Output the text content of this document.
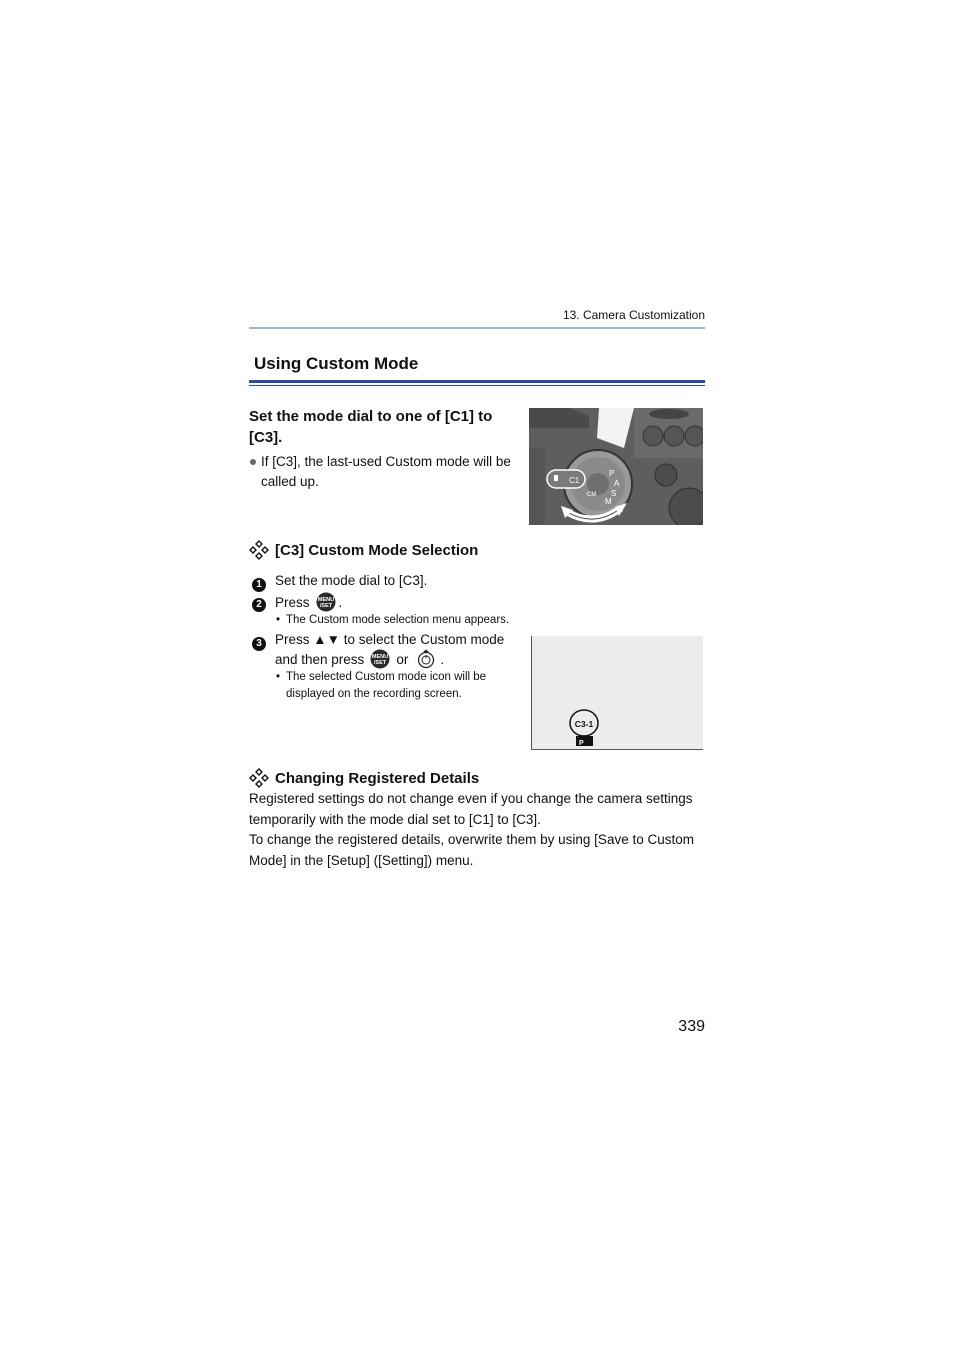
13. Camera Customization
Using Custom Mode
Set the mode dial to one of [C1] to
[C3].
If [C3], the last-used Custom mode will be
called up.
P
A
S
M
CM
C1
[C3] Custom Mode Selection
1 Set the mode dial to [C3].
2 Press MENU
/SET .
• The Custom mode selection menu appears.
3 Press ▲▼ to select the Custom mode
and then press MENU
/SET or .
• The selected Custom mode icon will be
displayed on the recording screen.
C3-1
P
Changing Registered Details
Registered settings do not change even if you change the camera settings
temporarily with the mode dial set to [C1] to [C3].
To change the registered details, overwrite them by using [Save to Custom
Mode] in the [Setup] ([Setting]) menu.
339
